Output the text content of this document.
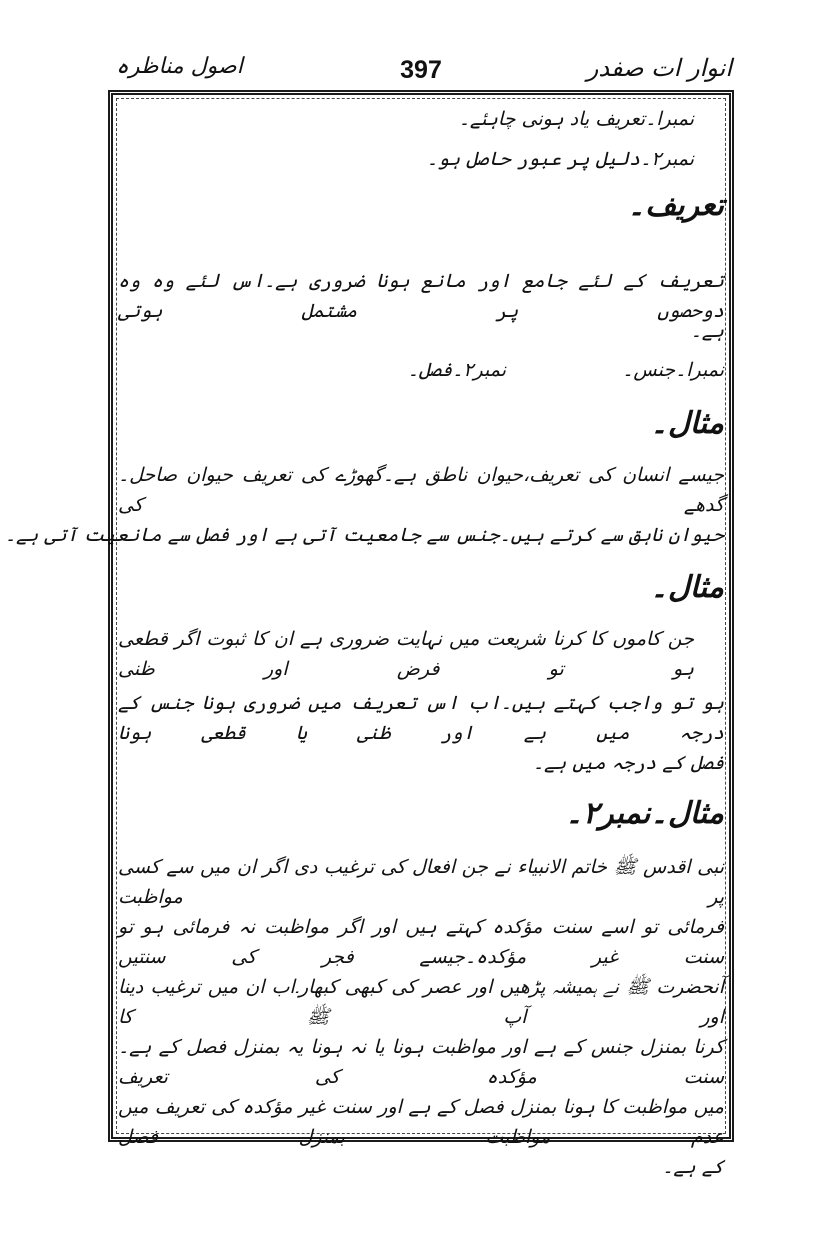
انوار ات صفدر
397
اصول مناظرہ
نمبرا۔تعریف یاد ہونی چاہئے۔
نمبر۲۔دلیل پر عبور حاصل ہو۔
تعریف۔
تعریف کے لئے جامع اور مانع ہونا ضروری ہے۔اس لئے وہ وہ دوحصوں پر مشتمل ہوتی
ہے۔
نمبرا۔جنس۔
نمبر۲۔فصل۔
مثال۔
جیسے انسان کی تعریف،حیوان ناطق ہے۔گھوڑے کی تعریف حیوان صاحل۔گدھے کی
حیوان ناہق سے کرتے ہیں۔جنس سے جامعیت آتی ہے اور فصل سے مانعیت آتی ہے۔
مثال۔
جن کاموں کا کرنا شریعت میں نہایت ضروری ہے ان کا ثبوت اگر قطعی ہو تو فرض اور ظنی
ہو تو واجب کہتے ہیں۔اب اس تعریف میں ضروری ہونا جنس کے درجہ میں ہے اور ظنی یا قطعی ہونا
فصل کے درجہ میں ہے۔
مثال۔نمبر۲۔
نبی اقدس ﷺ خاتم الانبیاء نے جن افعال کی ترغیب دی اگر ان میں سے کسی پر مواظبت
فرمائی تو اسے سنت مؤکدہ کہتے ہیں اور اگر مواظبت نہ فرمائی ہو تو سنت غیر مؤکدہ۔جیسے فجر کی سنتیں
آنحضرت ﷺ نے ہمیشہ پڑھیں اور عصر کی کبھی کبھار۔اب ان میں ترغیب دینا اور آپ ﷺ کا
کرنا بمنزل جنس کے ہے اور مواظبت ہونا یا نہ ہونا یہ بمنزل فصل کے ہے۔سنت مؤکدہ کی تعریف
میں مواظبت کا ہونا بمنزل فصل کے ہے اور سنت غیر مؤکدہ کی تعریف میں عدم مواظبت بمنزل فصل
کے ہے۔
